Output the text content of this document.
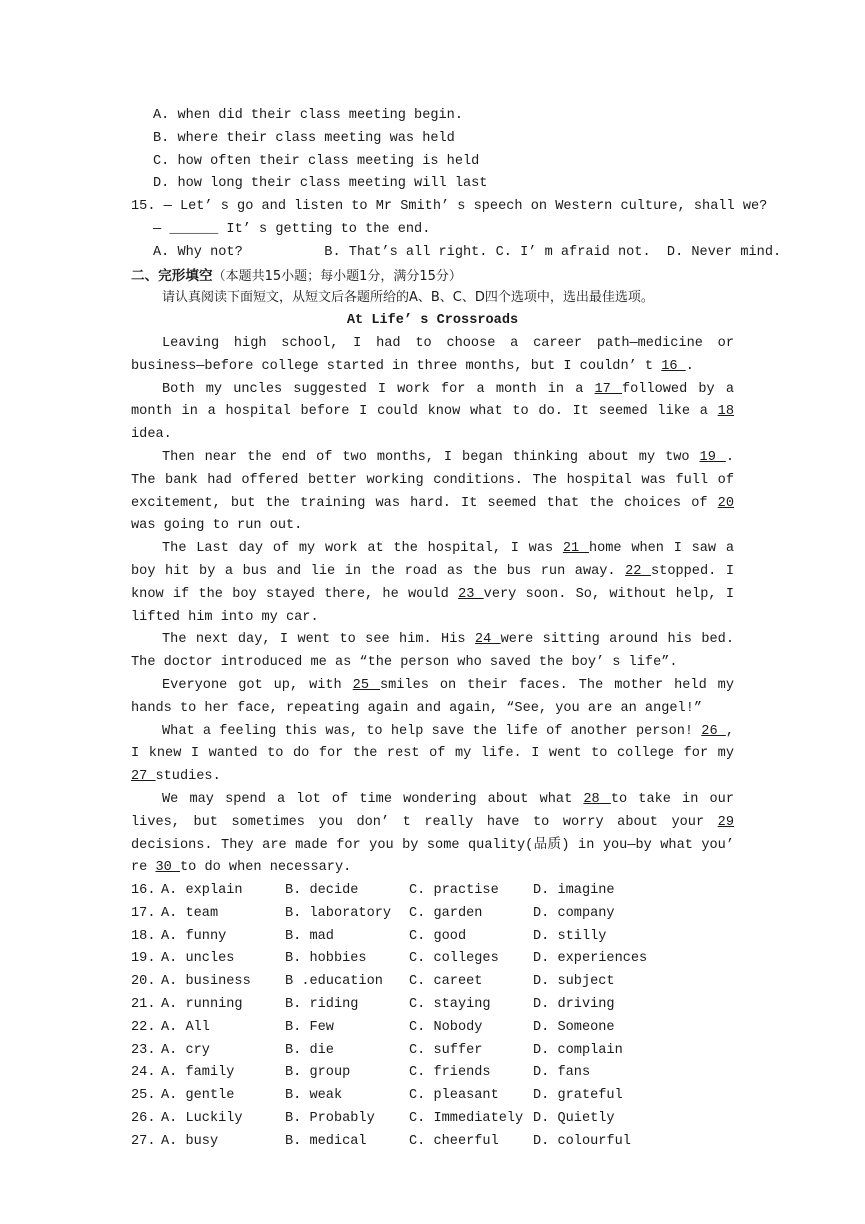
A. when did their class meeting begin.
B. where their class meeting was held
C. how often their class meeting is held
D. how long their class meeting will last
15. — Let’ s go and listen to Mr Smith’ s speech on Western culture, shall we?
— ______ It’ s getting to the end.
A. Why not?          B. That’s all right. C. I’ m afraid not.  D. Never mind.
二、完形填空（本题共15小题；每小题1分，满分15分）
请认真阅读下面短文，从短文后各题所给的A、B、C、D四个选项中，选出最佳选项。
At Life’ s Crossroads
Leaving high school, I had to choose a career path—medicine or business—before college started in three months, but I couldn’ t 16 .
Both my uncles suggested I work for a month in a 17 followed by a month in a hospital before I could know what to do. It seemed like a 18 idea.
Then near the end of two months, I began thinking about my two 19 . The bank had offered better working conditions. The hospital was full of excitement, but the training was hard. It seemed that the choices of 20 was going to run out.
The Last day of my work at the hospital, I was 21 home when I saw a boy hit by a bus and lie in the road as the bus run away. 22 stopped. I know if the boy stayed there, he would 23 very soon. So, without help, I lifted him into my car.
The next day, I went to see him. His 24 were sitting around his bed. The doctor introduced me as “the person who saved the boy’ s life”.
Everyone got up, with 25 smiles on their faces. The mother held my hands to her face, repeating again and again, “See, you are an angel!”
What a feeling this was, to help save the life of another person! 26 , I knew I wanted to do for the rest of my life. I went to college for my 27 studies.
We may spend a lot of time wondering about what 28 to take in our lives, but sometimes you don’ t really have to worry about your 29 decisions. They are made for you by some quality(品质) in you—by what you’ re 30 to do when necessary.
16.	A. explain	B. decide	C. practise	D. imagine
17.	A. team	B. laboratory	C. garden	D. company
18.	A. funny	B. mad	C. good	D. stilly
19.	A. uncles	B. hobbies	C. colleges	D. experiences
20.	A. business	B .education	C. careet	D. subject
21.	A. running	B. riding	C. staying	D. driving
22.	A. All	B. Few	C. Nobody	D. Someone
23.	A. cry	B. die	C. suffer	D. complain
24.	A. family	B. group	C. friends	D. fans
25.	A. gentle	B. weak	C. pleasant	D. grateful
26.	A. Luckily	B. Probably	C. Immediately	D. Quietly
27.	A. busy	B. medical	C. cheerful	D. colourful
